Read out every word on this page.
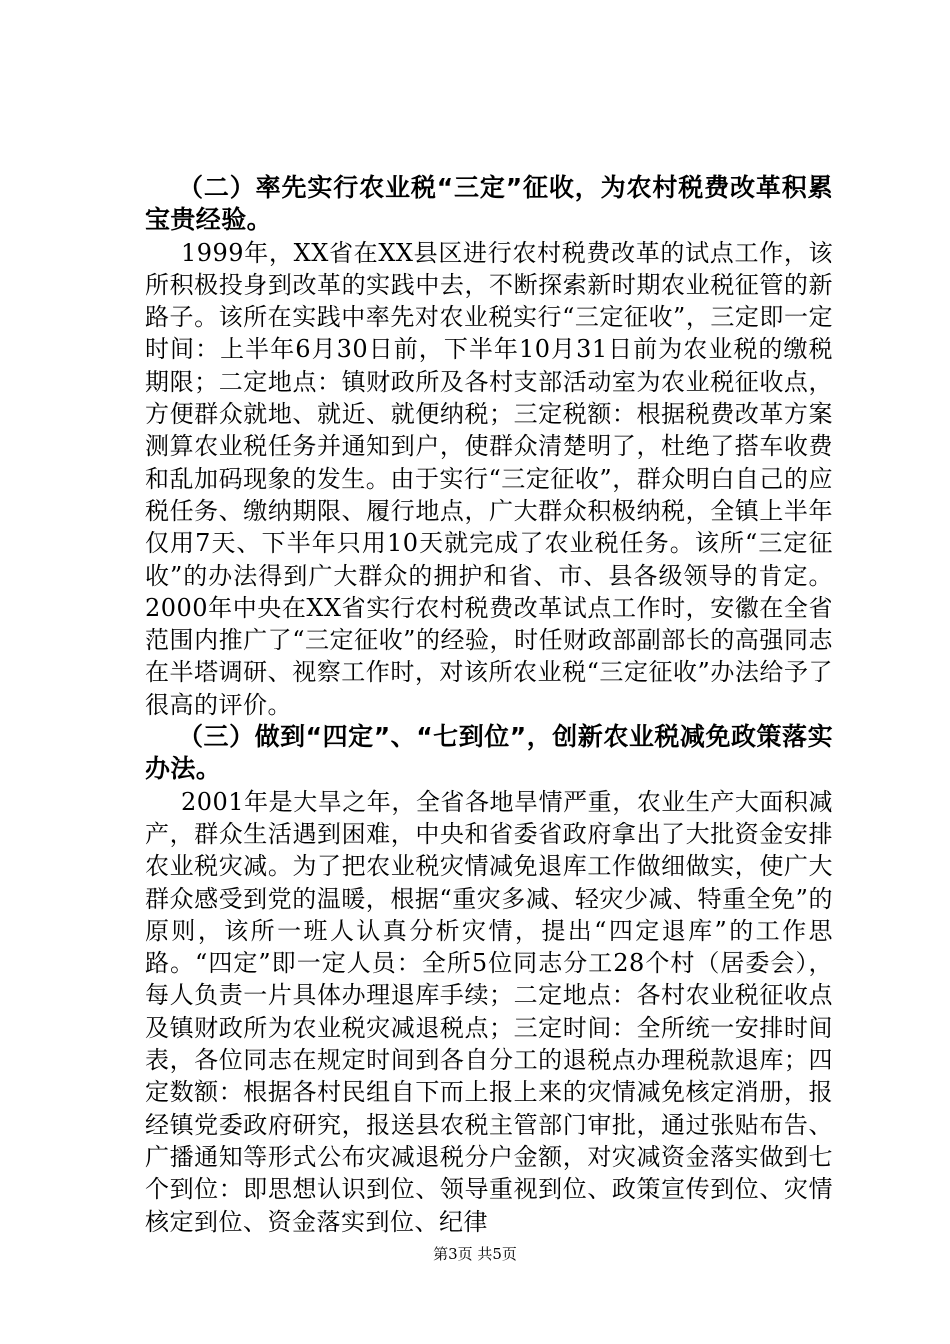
（二）率先实行农业税“三定”征收，为农村税费改革积累宝贵经验。

1999年，XX省在XX县区进行农村税费改革的试点工作，该所积极投身到改革的实践中去，不断探索新时期农业税征管的新路子。该所在实践中率先对农业税实行“三定征收”，三定即一定时间：上半年6月30日前，下半年10月31日前为农业税的缴税期限；二定地点：镇财政所及各村支部活动室为农业税征收点，方便群众就地、就近、就便纳税；三定税额：根据税费改革方案测算农业税任务并通知到户，使群众清楚明了，杜绝了搭车收费和乱加码现象的发生。由于实行“三定征收”，群众明白自己的应税任务、缴纳期限、履行地点，广大群众积极纳税，全镇上半年仅用7天、下半年只用10天就完成了农业税任务。该所“三定征收”的办法得到广大群众的拥护和省、市、县各级领导的肯定。2000年中央在XX省实行农村税费改革试点工作时，安徽在全省范围内推广了“三定征收”的经验，时任财政部副部长的高强同志在半塔调研、视察工作时，对该所农业税“三定征收”办法给予了很高的评价。

（三）做到“四定”、“七到位”，创新农业税减免政策落实办法。

2001年是大旱之年，全省各地旱情严重，农业生产大面积减产，群众生活遇到困难，中央和省委省政府拿出了大批资金安排农业税灾减。为了把农业税灾情减免退库工作做细做实，使广大群众感受到党的温暖，根据“重灾多减、轻灾少减、特重全免”的原则，该所一班人认真分析灾情，提出“四定退库”的工作思路。“四定”即一定人员：全所5位同志分工28个村（居委会），每人负责一片具体办理退库手续；二定地点：各村农业税征收点及镇财政所为农业税灾减退税点；三定时间：全所统一安排时间表，各位同志在规定时间到各自分工的退税点办理税款退库；四定数额：根据各村民组自下而上报上来的灾情减免核定消册，报经镇党委政府研究，报送县农税主管部门审批，通过张贴布告、广播通知等形式公布灾减退税分户金额，对灾减资金落实做到七个到位：即思想认识到位、领导重视到位、政策宣传到位、灾情核定到位、资金落实到位、纪律

第3页 共5页
